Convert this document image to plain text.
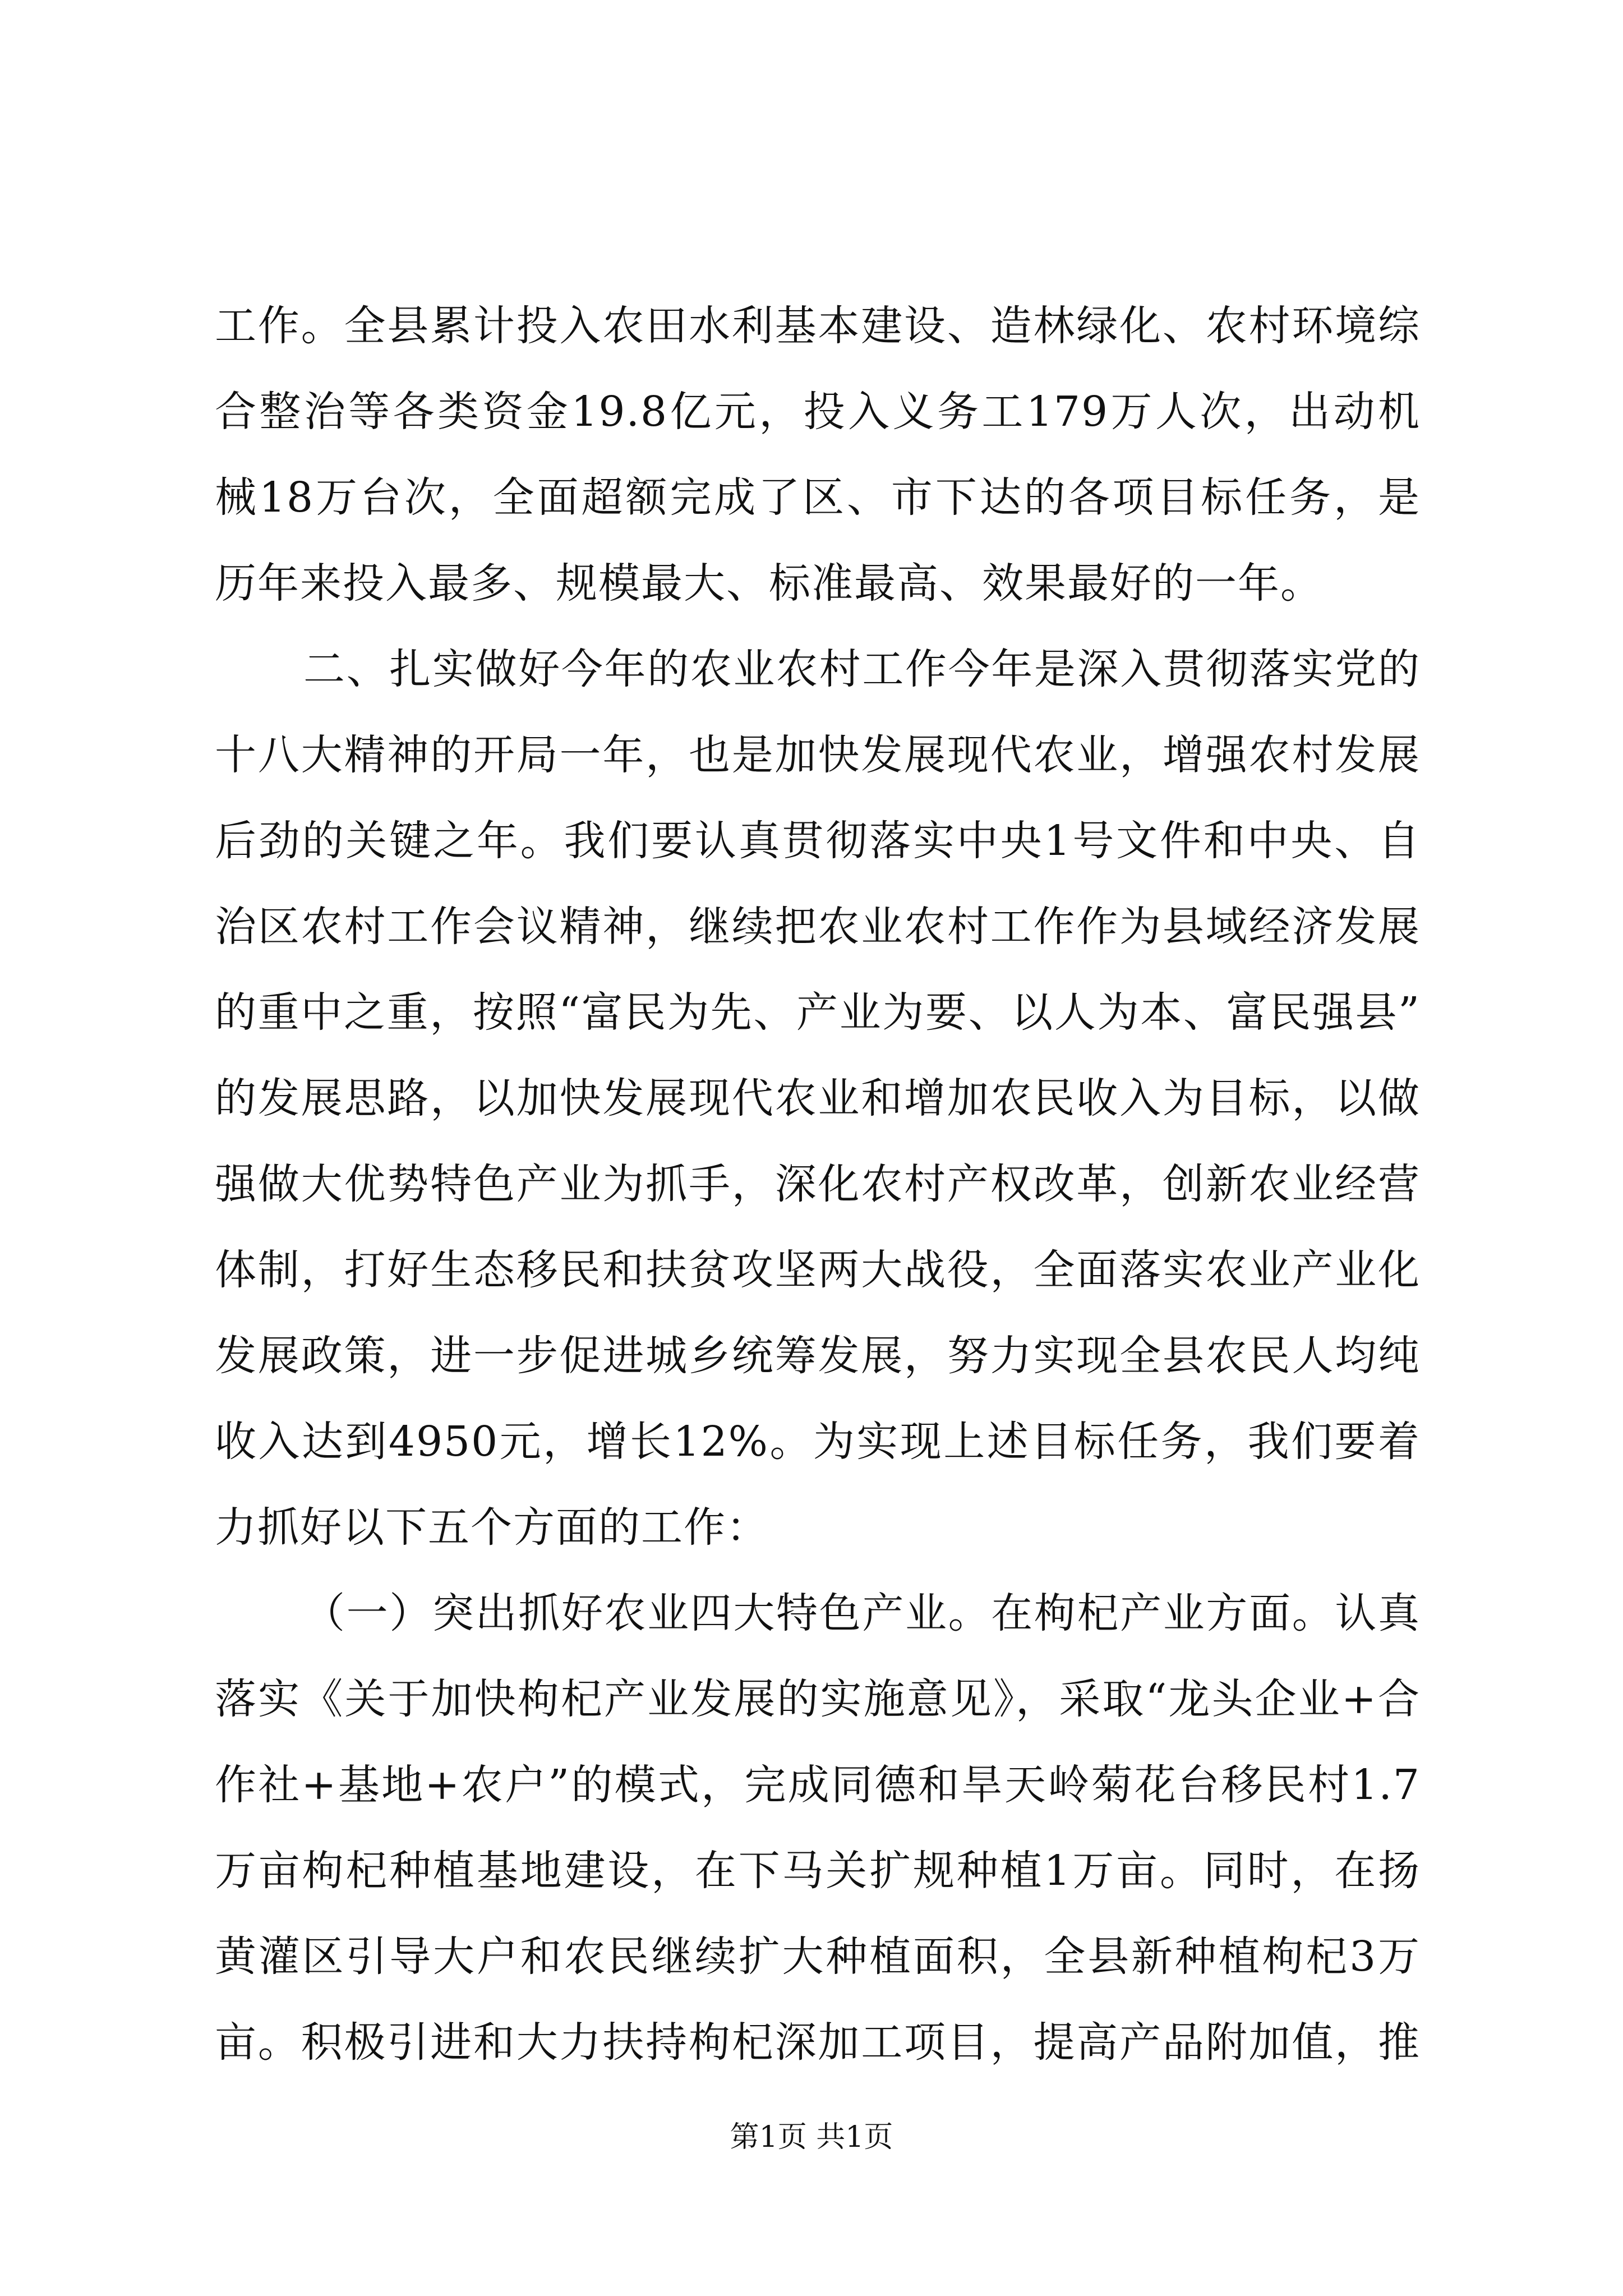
工作。全县累计投入农田水利基本建设、造林绿化、农村环境综
合整治等各类资金19.8亿元，投入义务工179万人次，出动机
械18万台次，全面超额完成了区、市下达的各项目标任务，是
历年来投入最多、规模最大、标准最高、效果最好的一年。
二、扎实做好今年的农业农村工作今年是深入贯彻落实党的
十八大精神的开局一年，也是加快发展现代农业，增强农村发展
后劲的关键之年。我们要认真贯彻落实中央1号文件和中央、自
治区农村工作会议精神，继续把农业农村工作作为县域经济发展
的重中之重，按照“富民为先、产业为要、以人为本、富民强县”
的发展思路，以加快发展现代农业和增加农民收入为目标，以做
强做大优势特色产业为抓手，深化农村产权改革，创新农业经营
体制，打好生态移民和扶贫攻坚两大战役，全面落实农业产业化
发展政策，进一步促进城乡统筹发展，努力实现全县农民人均纯
收入达到4950元，增长12%。为实现上述目标任务，我们要着
力抓好以下五个方面的工作：
（一）突出抓好农业四大特色产业。在枸杞产业方面。认真
落实《关于加快枸杞产业发展的实施意见》，采取“龙头企业+合
作社+基地+农户”的模式，完成同德和旱天岭菊花台移民村1.7
万亩枸杞种植基地建设，在下马关扩规种植1万亩。同时，在扬
黄灌区引导大户和农民继续扩大种植面积，全县新种植枸杞3万
亩。积极引进和大力扶持枸杞深加工项目，提高产品附加值，推
第1页 共1页
